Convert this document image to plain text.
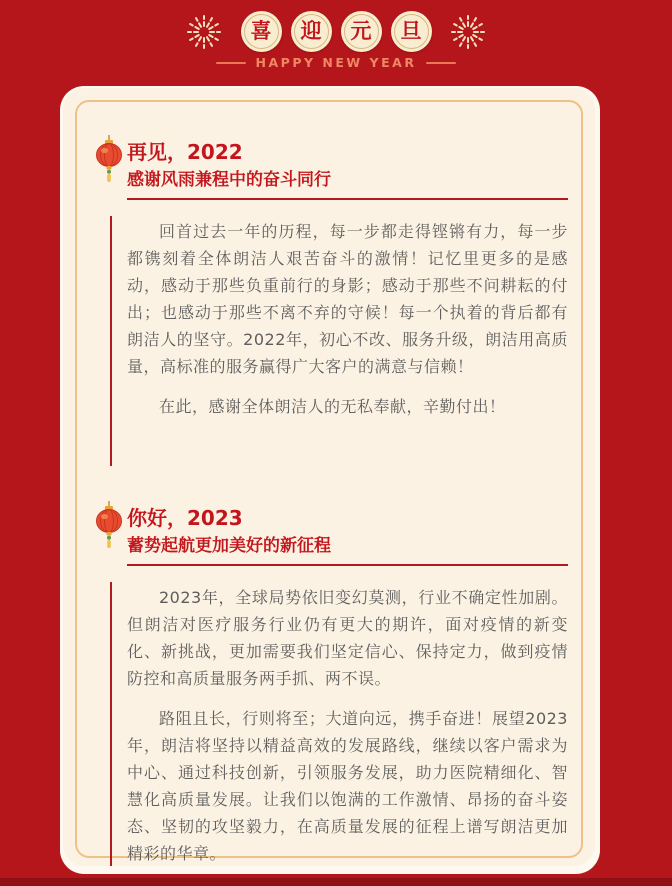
喜 迎 元 旦
HAPPY NEW YEAR

再见，2022

感谢风雨兼程中的奋斗同行

回首过去一年的历程，每一步都走得铿锵有力，每一步都镌刻着全体朗洁人艰苦奋斗的激情！记忆里更多的是感动，感动于那些负重前行的身影；感动于那些不问耕耘的付出；也感动于那些不离不弃的守候！每一个执着的背后都有朗洁人的坚守。2022年，初心不改、服务升级，朗洁用高质量，高标准的服务赢得广大客户的满意与信赖！

在此，感谢全体朗洁人的无私奉献，辛勤付出！

你好，2023

蓄势起航更加美好的新征程

2023年，全球局势依旧变幻莫测，行业不确定性加剧。但朗洁对医疗服务行业仍有更大的期许，面对疫情的新变化、新挑战，更加需要我们坚定信心、保持定力，做到疫情防控和高质量服务两手抓、两不误。

路阻且长，行则将至；大道向远，携手奋进！展望2023年，朗洁将坚持以精益高效的发展路线，继续以客户需求为中心、通过科技创新，引领服务发展，助力医院精细化、智慧化高质量发展。让我们以饱满的工作激情、昂扬的奋斗姿态、坚韧的攻坚毅力，在高质量发展的征程上谱写朗洁更加精彩的华章。
